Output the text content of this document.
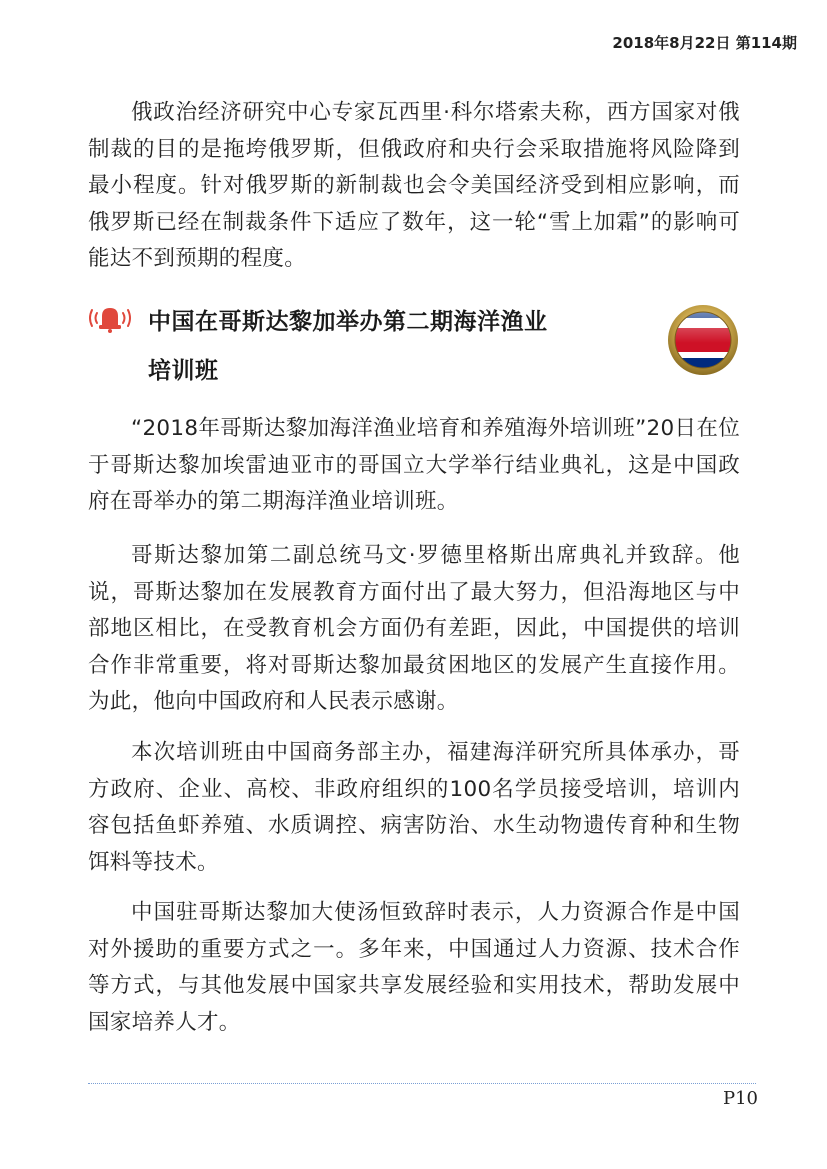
2018年8月22日 第114期

俄政治经济研究中心专家瓦西里·科尔塔索夫称，西方国家对俄制裁的目的是拖垮俄罗斯，但俄政府和央行会采取措施将风险降到最小程度。针对俄罗斯的新制裁也会令美国经济受到相应影响，而俄罗斯已经在制裁条件下适应了数年，这一轮“雪上加霜”的影响可能达不到预期的程度。

中国在哥斯达黎加举办第二期海洋渔业
培训班

“2018年哥斯达黎加海洋渔业培育和养殖海外培训班”20日在位于哥斯达黎加埃雷迪亚市的哥国立大学举行结业典礼，这是中国政府在哥举办的第二期海洋渔业培训班。

哥斯达黎加第二副总统马文·罗德里格斯出席典礼并致辞。他说，哥斯达黎加在发展教育方面付出了最大努力，但沿海地区与中部地区相比，在受教育机会方面仍有差距，因此，中国提供的培训合作非常重要，将对哥斯达黎加最贫困地区的发展产生直接作用。为此，他向中国政府和人民表示感谢。

本次培训班由中国商务部主办，福建海洋研究所具体承办，哥方政府、企业、高校、非政府组织的100名学员接受培训，培训内容包括鱼虾养殖、水质调控、病害防治、水生动物遗传育种和生物饵料等技术。

中国驻哥斯达黎加大使汤恒致辞时表示，人力资源合作是中国对外援助的重要方式之一。多年来，中国通过人力资源、技术合作等方式，与其他发展中国家共享发展经验和实用技术，帮助发展中国家培养人才。

P10
